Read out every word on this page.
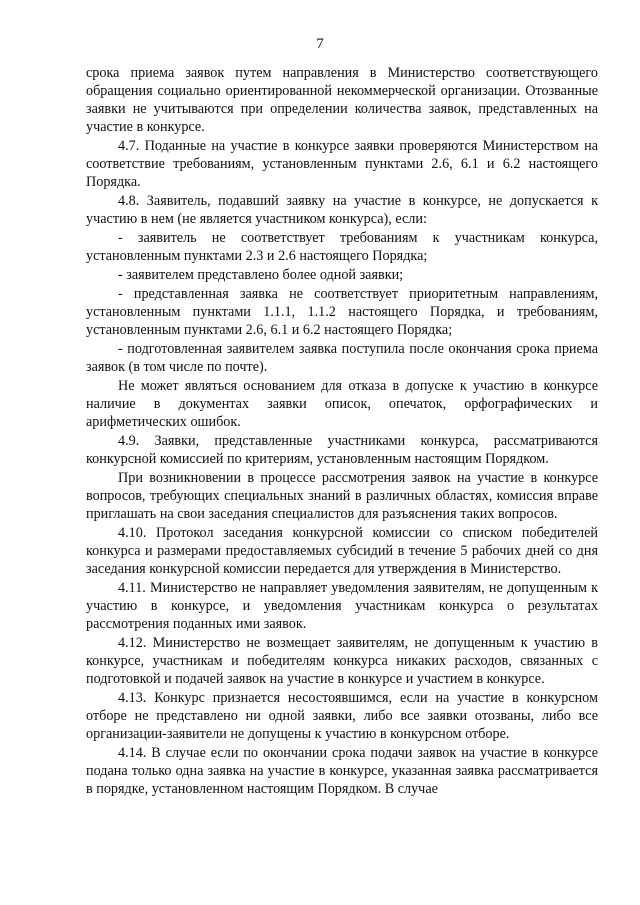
7

срока приема заявок путем направления в Министерство соответствующего обращения социально ориентированной некоммерческой организации. Отозванные заявки не учитываются при определении количества заявок, представленных на участие в конкурсе.

4.7. Поданные на участие в конкурсе заявки проверяются Министерством на соответствие требованиям, установленным пунктами 2.6, 6.1 и 6.2 настоящего Порядка.

4.8. Заявитель, подавший заявку на участие в конкурсе, не допускается к участию в нем (не является участником конкурса), если:

- заявитель не соответствует требованиям к участникам конкурса, установленным пунктами 2.3 и 2.6 настоящего Порядка;

- заявителем представлено более одной заявки;

- представленная заявка не соответствует приоритетным направлениям, установленным пунктами 1.1.1, 1.1.2 настоящего Порядка, и требованиям, установленным пунктами 2.6, 6.1 и 6.2 настоящего Порядка;

- подготовленная заявителем заявка поступила после окончания срока приема заявок (в том числе по почте).

Не может являться основанием для отказа в допуске к участию в конкурсе наличие в документах заявки описок, опечаток, орфографических и арифметических ошибок.

4.9. Заявки, представленные участниками конкурса, рассматриваются конкурсной комиссией по критериям, установленным настоящим Порядком.

При возникновении в процессе рассмотрения заявок на участие в конкурсе вопросов, требующих специальных знаний в различных областях, комиссия вправе приглашать на свои заседания специалистов для разъяснения таких вопросов.

4.10. Протокол заседания конкурсной комиссии со списком победителей конкурса и размерами предоставляемых субсидий в течение 5 рабочих дней со дня заседания конкурсной комиссии передается для утверждения в Министерство.

4.11. Министерство не направляет уведомления заявителям, не допущенным к участию в конкурсе, и уведомления участникам конкурса о результатах рассмотрения поданных ими заявок.

4.12. Министерство не возмещает заявителям, не допущенным к участию в конкурсе, участникам и победителям конкурса никаких расходов, связанных с подготовкой и подачей заявок на участие в конкурсе и участием в конкурсе.

4.13. Конкурс признается несостоявшимся, если на участие в конкурсном отборе не представлено ни одной заявки, либо все заявки отозваны, либо все организации-заявители не допущены к участию в конкурсном отборе.

4.14. В случае если по окончании срока подачи заявок на участие в конкурсе подана только одна заявка на участие в конкурсе, указанная заявка рассматривается в порядке, установленном настоящим Порядком. В случае
